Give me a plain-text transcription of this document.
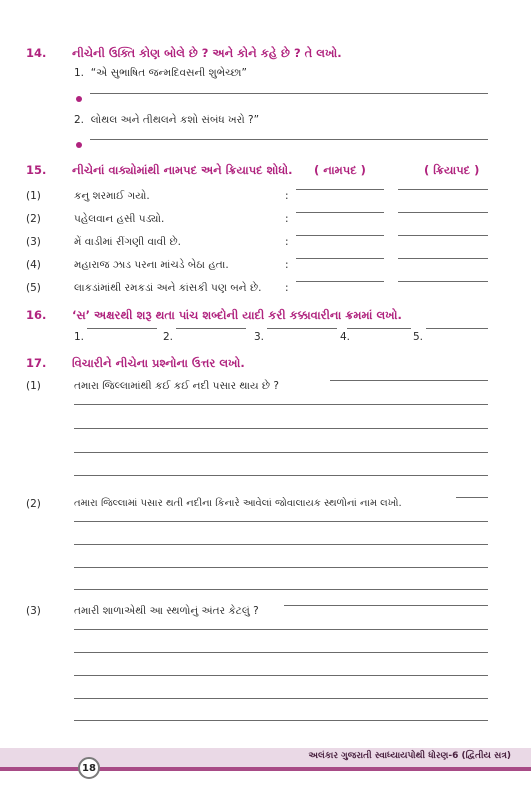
14. નીચેની ઉક્તિ કોણ બોલે છે ? અને કોને કહે છે ? તે લખો.
1. “એ સુભાષિત જન્મદિવસની શુભેચ્છા”
2. લોથલ અને તીથલને કશો સંબંધ ખરો ?”
15. નીચેનાં વાક્યોમાંથી નામપદ અને ક્રિયાપદ શોધો. ( નામપદ )	( ક્રિયાપદ )
(1)	કનુ શરમાઈ ગયો.	:
(2)	પહેલવાન હસી પડ્યો.	:
(3)	મેં વાડીમાં રીંગણી વાવી છે.	:
(4)	મહારાજ ઝાડ પરના માંચડે બેઠા હતા.	:
(5)	લાકડાંમાંથી રમકડાં અને કાંસકી પણ બને છે. :
16. ‘સ’ અક્ષરથી શરૂ થતા પાંચ શબ્દોની યાદી કરી કક્કાવારીના ક્રમમાં લખો.
1.	2.	3.	4.	5.
17. વિચારીને નીચેના પ્રશ્નોના ઉત્તર લખો.
(1)	તમારા જિલ્લામાંથી કઈ કઈ નદી પસાર થાય છે ?
(2)	તમારા જિલ્લામાં પસાર થતી નદીના કિનારે આવેલાં જોવાલાયક સ્થળોનાં નામ લખો.
(3)	તમારી શાળાએથી આ સ્થળોનું અંતર કેટલું ?
અલંકાર ગુજરાતી સ્વાધ્યાયપોથી ધોરણ-6 (દ્વિતીય સત્ર)
18
